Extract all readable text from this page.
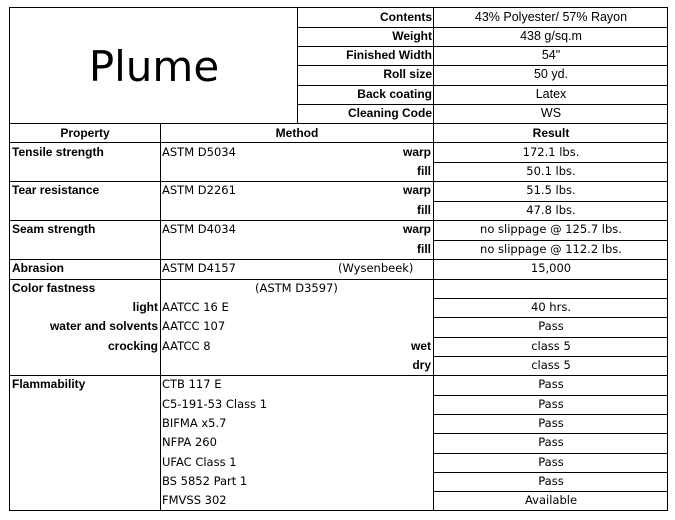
Plume
Contents	43% Polyester/ 57% Rayon
Weight	438 g/sq.m
Finished Width	54"
Roll size	50 yd.
Back coating	Latex
Cleaning Code	WS
Property	Method	Result
Tensile strength	ASTM D5034	warp	172.1 lbs.
fill	50.1 lbs.
Tear resistance	ASTM D2261	warp	51.5 lbs.
fill	47.8 lbs.
Seam strength	ASTM D4034	warp	no slippage @ 125.7 lbs.
fill	no slippage @ 112.2 lbs.
Abrasion	ASTM D4157	(Wysenbeek)	15,000
Color fastness	(ASTM D3597)
light AATCC 16 E	40 hrs.
water and solvents AATCC 107	Pass
crocking AATCC 8	wet	class 5
dry	class 5
Flammability	CTB 117 E	Pass
C5-191-53 Class 1	Pass
BIFMA x5.7	Pass
NFPA 260	Pass
UFAC Class 1	Pass
BS 5852 Part 1	Pass
FMVSS 302	Available
